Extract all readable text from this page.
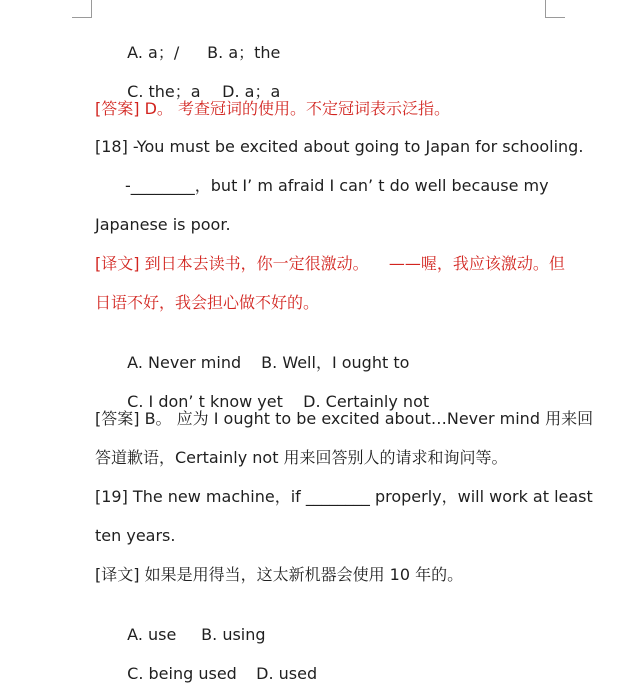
A. a；/ B. a；the

C. the；a D. a；a

[答案] D。 考查冠词的使用。不定冠词表示泛指。
[18] -You must be excited about going to Japan for schooling.
-________，but I’ m afraid I can’ t do well because my
Japanese is poor.
[译文] 到日本去读书，你一定很激动。    ——喔，我应该激动。但
日语不好，我会担心做不好的。

A. Never mind B. Well，I ought to

C. I don’ t know yet D. Certainly not

[答案] B。 应为 I ought to be excited about…Never mind 用来回
答道歉语，Certainly not 用来回答别人的请求和询问等。
[19] The new machine，if ________ properly，will work at least
ten years.
[译文] 如果是用得当，这太新机器会使用 10 年的。

A. use B. using

C. being used D. used
